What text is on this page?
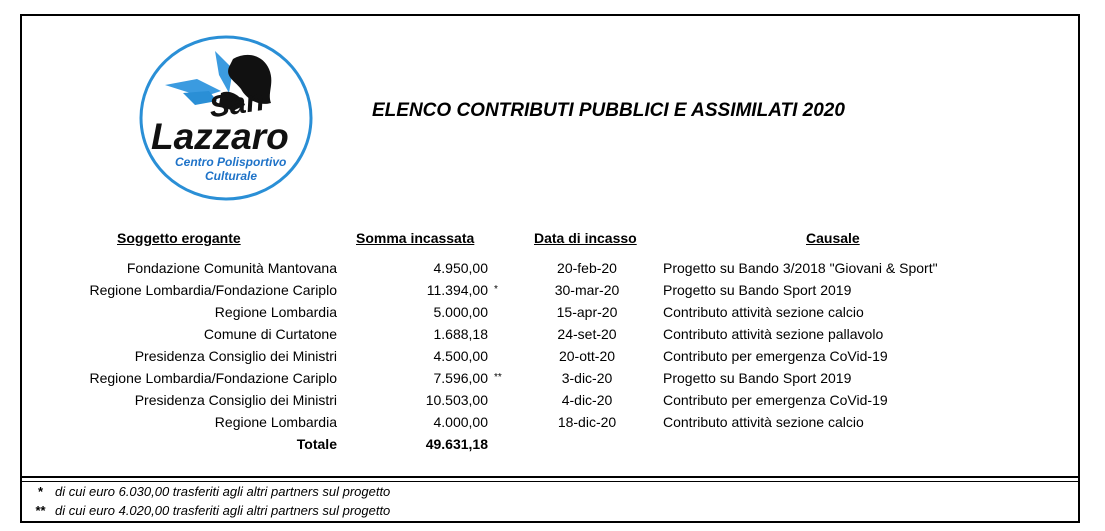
San
Lazzaro
Centro Polisportivo
Culturale
ELENCO CONTRIBUTI PUBBLICI E ASSIMILATI 2020
Soggetto erogante	Somma incassata	Data di incasso	Causale
Fondazione Comunità Mantovana	4.950,00	20-feb-20	Progetto su Bando 3/2018 "Giovani & Sport"
Regione Lombardia/Fondazione Cariplo	11.394,00 *	30-mar-20	Progetto su Bando Sport 2019
Regione Lombardia	5.000,00	15-apr-20	Contributo attività sezione calcio
Comune di Curtatone	1.688,18	24-set-20	Contributo attività sezione pallavolo
Presidenza Consiglio dei Ministri	4.500,00	20-ott-20	Contributo per emergenza CoVid-19
Regione Lombardia/Fondazione Cariplo	7.596,00 **	3-dic-20	Progetto su Bando Sport 2019
Presidenza Consiglio dei Ministri	10.503,00	4-dic-20	Contributo per emergenza CoVid-19
Regione Lombardia	4.000,00	18-dic-20	Contributo attività sezione calcio
Totale	49.631,18
* di cui euro 6.030,00 trasferiti agli altri partners sul progetto
** di cui euro 4.020,00 trasferiti agli altri partners sul progetto
